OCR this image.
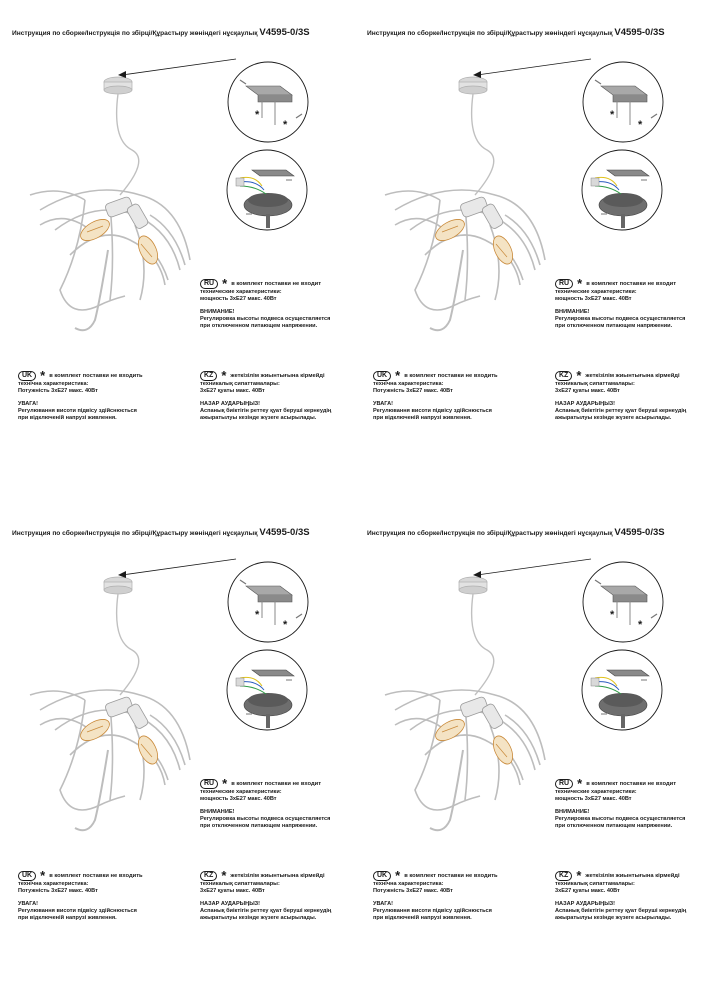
Инструкция по сборке/Інструкція по збірці/Құрастыру жөніндегі нұсқаулық V4595-0/3S
*
*
RU * в комплект поставки не входит
технические характеристики:
мощность 3хE27 макс. 40Вт
ВНИМАНИЕ!
Регулировка высоты подвеса осуществляется
при отключенном питающем напряжении.
UK * в комплект поставки не входить
технічна характеристика:
Потужність 3хE27 макс. 40Вт
УВАГА!
Регулювання висоти підвісу здійснюється
при відключеній напрузі живлення.
KZ * жеткізілім жиынтығына кірмейді
техникалық сипаттамалары:
3хE27 қуаты макс. 40Вт
НАЗАР АУДАРЫҢЫЗ!
Аспанық биіктігін реттеу қуат беруші кернеудің
ажыратылуы кезінде жүзеге асырылады.
Инструкция по сборке/Інструкція по збірці/Құрастыру жөніндегі нұсқаулық V4595-0/3S
*
*
RU * в комплект поставки не входит
технические характеристики:
мощность 3хE27 макс. 40Вт
ВНИМАНИЕ!
Регулировка высоты подвеса осуществляется
при отключенном питающем напряжении.
UK * в комплект поставки не входить
технічна характеристика:
Потужність 3хE27 макс. 40Вт
УВАГА!
Регулювання висоти підвісу здійснюється
при відключеній напрузі живлення.
KZ * жеткізілім жиынтығына кірмейді
техникалық сипаттамалары:
3хE27 қуаты макс. 40Вт
НАЗАР АУДАРЫҢЫЗ!
Аспанық биіктігін реттеу қуат беруші кернеудің
ажыратылуы кезінде жүзеге асырылады.
Инструкция по сборке/Інструкція по збірці/Құрастыру жөніндегі нұсқаулық V4595-0/3S
*
*
RU * в комплект поставки не входит
технические характеристики:
мощность 3хE27 макс. 40Вт
ВНИМАНИЕ!
Регулировка высоты подвеса осуществляется
при отключенном питающем напряжении.
UK * в комплект поставки не входить
технічна характеристика:
Потужність 3хE27 макс. 40Вт
УВАГА!
Регулювання висоти підвісу здійснюється
при відключеній напрузі живлення.
KZ * жеткізілім жиынтығына кірмейді
техникалық сипаттамалары:
3хE27 қуаты макс. 40Вт
НАЗАР АУДАРЫҢЫЗ!
Аспанық биіктігін реттеу қуат беруші кернеудің
ажыратылуы кезінде жүзеге асырылады.
Инструкция по сборке/Інструкція по збірці/Құрастыру жөніндегі нұсқаулық V4595-0/3S
*
*
RU * в комплект поставки не входит
технические характеристики:
мощность 3хE27 макс. 40Вт
ВНИМАНИЕ!
Регулировка высоты подвеса осуществляется
при отключенном питающем напряжении.
UK * в комплект поставки не входить
технічна характеристика:
Потужність 3хE27 макс. 40Вт
УВАГА!
Регулювання висоти підвісу здійснюється
при відключеній напрузі живлення.
KZ * жеткізілім жиынтығына кірмейді
техникалық сипаттамалары:
3хE27 қуаты макс. 40Вт
НАЗАР АУДАРЫҢЫЗ!
Аспанық биіктігін реттеу қуат беруші кернеудің
ажыратылуы кезінде жүзеге асырылады.
